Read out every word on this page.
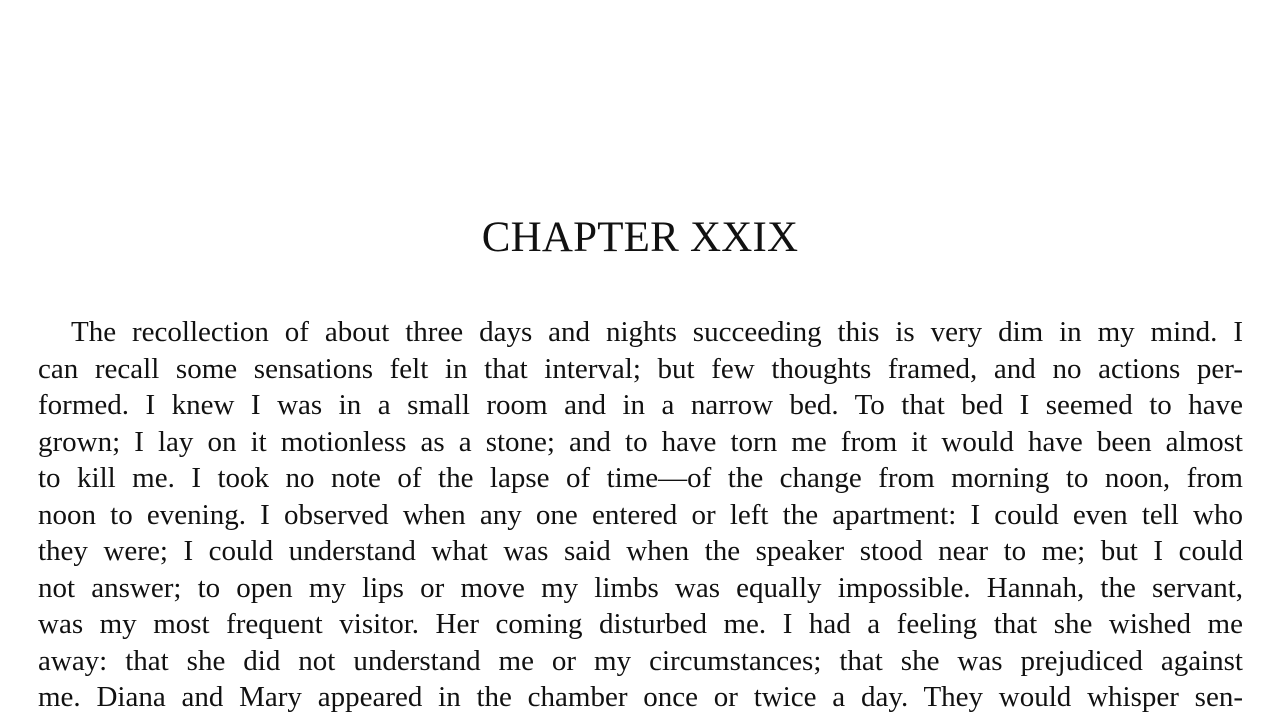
CHAPTER XXIX
The recollection of about three days and nights succeeding this is very dim in my mind. I
can recall some sensations felt in that interval; but few thoughts framed, and no actions per-
formed. I knew I was in a small room and in a narrow bed. To that bed I seemed to have
grown; I lay on it motionless as a stone; and to have torn me from it would have been almost
to kill me. I took no note of the lapse of time—of the change from morning to noon, from
noon to evening. I observed when any one entered or left the apartment: I could even tell who
they were; I could understand what was said when the speaker stood near to me; but I could
not answer; to open my lips or move my limbs was equally impossible. Hannah, the servant,
was my most frequent visitor. Her coming disturbed me. I had a feeling that she wished me
away: that she did not understand me or my circumstances; that she was prejudiced against
me. Diana and Mary appeared in the chamber once or twice a day. They would whisper sen-
